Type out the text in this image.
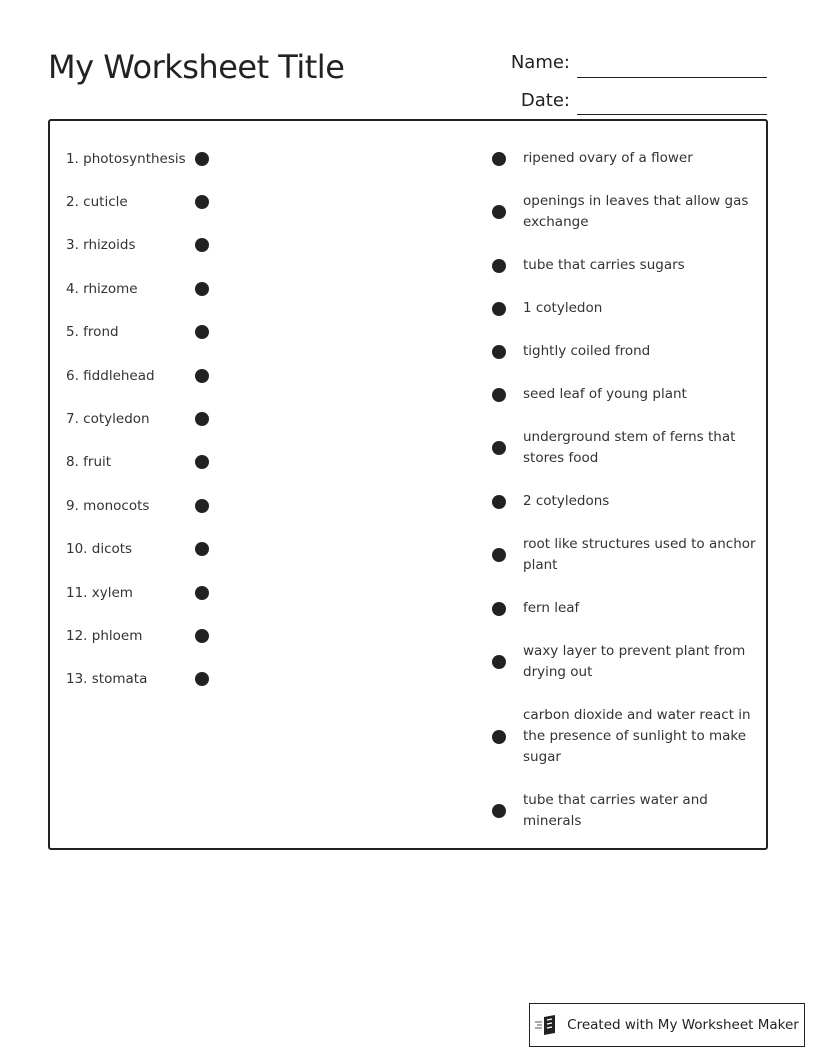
My Worksheet Title	Name:
Date:
1. photosynthesis
2. cuticle
3. rhizoids
4. rhizome
5. frond
6. fiddlehead
7. cotyledon
8. fruit
9. monocots
10. dicots
11. xylem
12. phloem
13. stomata
ripened ovary of a flower
openings in leaves that allow gas exchange
tube that carries sugars
1 cotyledon
tightly coiled frond
seed leaf of young plant
underground stem of ferns that stores food
2 cotyledons
root like structures used to anchor plant
fern leaf
waxy layer to prevent plant from drying out
carbon dioxide and water react in the presence of sunlight to make sugar
tube that carries water and minerals
Created with My Worksheet Maker
